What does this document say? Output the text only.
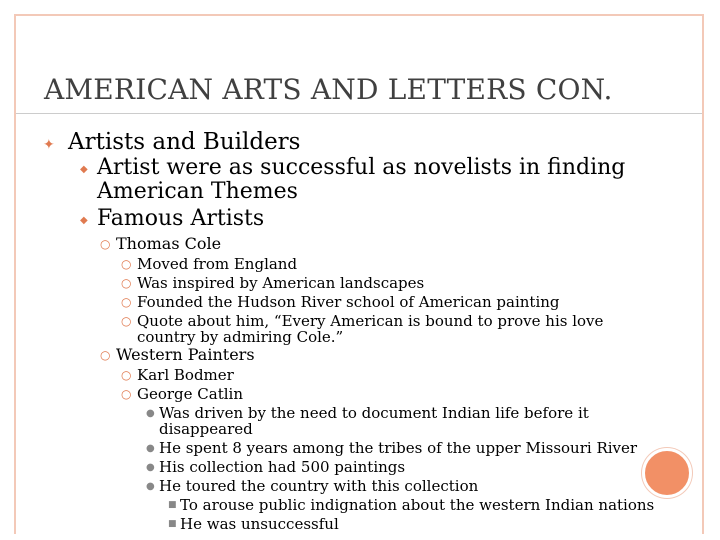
AMERICAN ARTS AND LETTERS CON.
✦ Artists and Builders
◆ Artist were as successful as novelists in finding
American Themes
◆ Famous Artists
○ Thomas Cole
○ Moved from England
○ Was inspired by American landscapes
○ Founded the Hudson River school of American painting
○ Quote about him, “Every American is bound to prove his love
country by admiring Cole.”
○ Western Painters
○ Karl Bodmer
○ George Catlin
● Was driven by the need to document Indian life before it
disappeared
● He spent 8 years among the tribes of the upper Missouri River
● His collection had 500 paintings
● He toured the country with this collection
■ To arouse public indignation about the western Indian nations
■ He was unsuccessful
